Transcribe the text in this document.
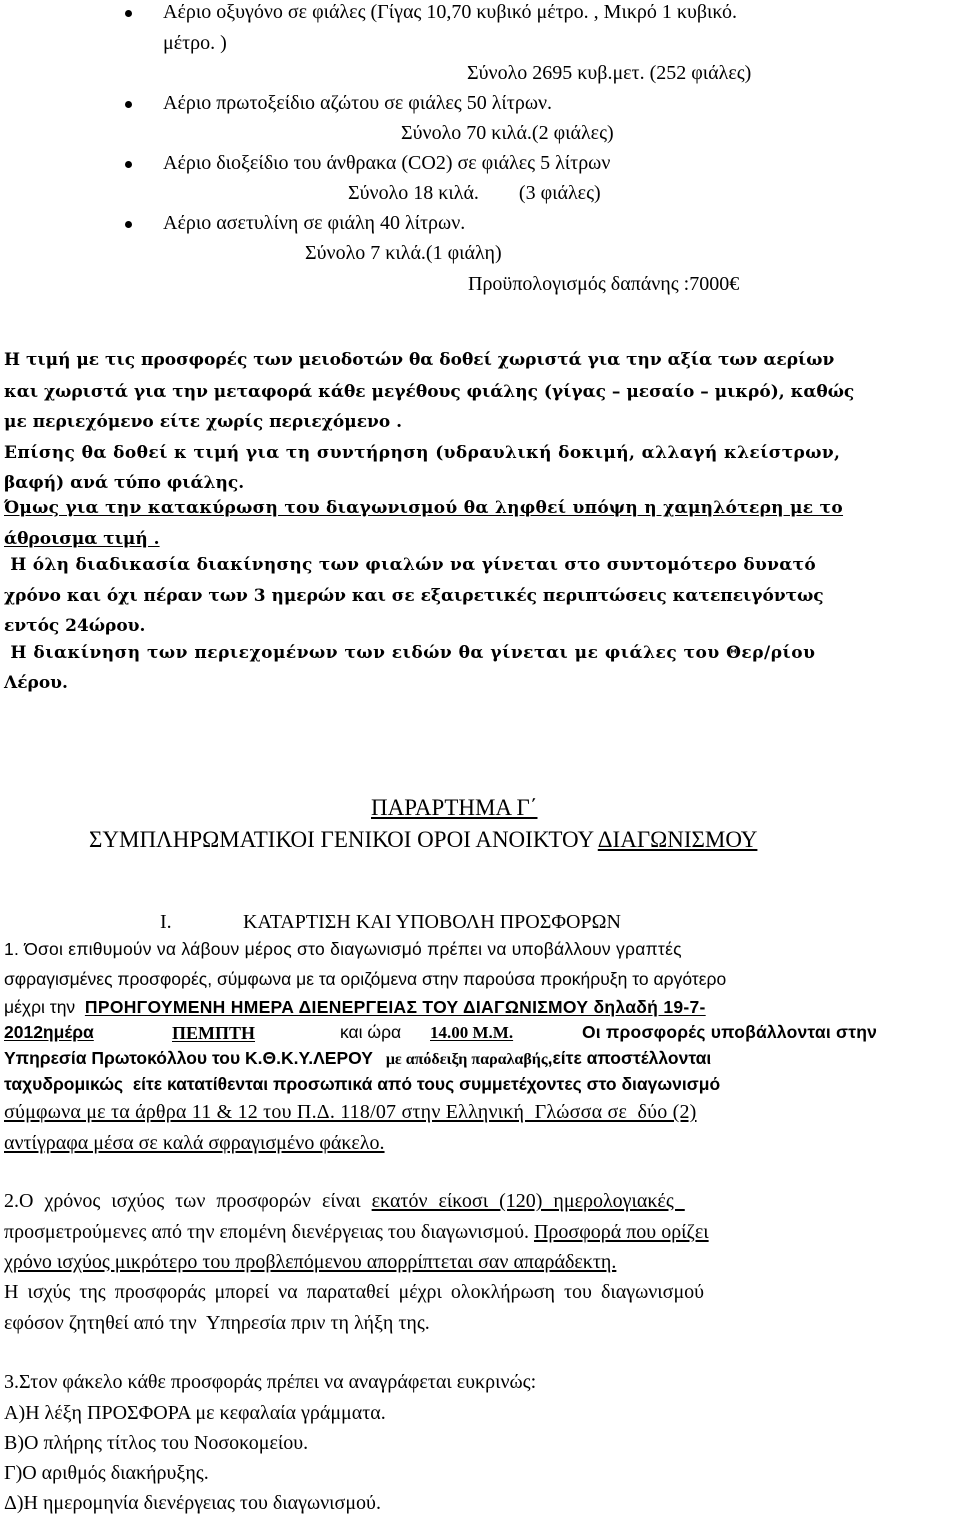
Αέριο οξυγόνο σε φιάλες (Γίγας 10,70 κυβικό μέτρο. , Μικρό 1 κυβικό.
μέτρο. )
Σύνολο 2695 κυβ.μετ. (252 φιάλες)
Αέριο πρωτοξείδιο αζώτου σε φιάλες 50 λίτρων.
Σύνολο 70 κιλά.(2 φιάλες)
Αέριο διοξείδιο του άνθρακα (CO2) σε φιάλες 5 λίτρων
Σύνολο 18 κιλά.        (3 φιάλες)
Αέριο ασετυλίνη σε φιάλη 40 λίτρων.
Σύνολο 7 κιλά.(1 φιάλη)
Προϋπολογισμός δαπάνης :7000€
Η τιμή με τις προσφορές των μειοδοτών θα δοθεί χωριστά για την αξία των αερίων
και χωριστά για την μεταφορά κάθε μεγέθους φιάλης (γίγας – μεσαίο – μικρό), καθώς
με περιεχόμενο είτε χωρίς περιεχόμενο .
Επίσης θα δοθεί κ τιμή για τη συντήρηση (υδραυλική δοκιμή, αλλαγή κλείστρων,
βαφή) ανά τύπο φιάλης.
Όμως για την κατακύρωση του διαγωνισμού θα ληφθεί υπόψη η χαμηλότερη με το
άθροισμα τιμή .
Η όλη διαδικασία διακίνησης των φιαλών να γίνεται στο συντομότερο δυνατό
χρόνο και όχι πέραν των 3 ημερών και σε εξαιρετικές περιπτώσεις κατεπειγόντως
εντός 24ώρου.
Η διακίνηση των περιεχομένων των ειδών θα γίνεται με φιάλες του Θερ/ρίου
Λέρου.
ΠΑΡΑΡΤΗΜΑ Γ΄
ΣΥΜΠΛΗΡΩΜΑΤΙΚΟΙ ΓΕΝΙΚΟΙ ΟΡΟΙ ΑΝΟΙΚΤΟΥ ΔΙΑΓΩΝΙΣΜΟΥ
Ι.	ΚΑΤΑΡΤΙΣΗ ΚΑΙ ΥΠΟΒΟΛΗ ΠΡΟΣΦΟΡΩΝ
1. Όσοι επιθυμούν να λάβουν μέρος στο διαγωνισμό πρέπει να υποβάλλουν γραπτές
σφραγισμένες προσφορές, σύμφωνα με τα οριζόμενα στην παρούσα προκήρυξη το αργότερο
μέχρι την  ΠΡΟΗΓΟΥΜΕΝΗ ΗΜΕΡΑ ΔΙΕΝΕΡΓΕΙΑΣ ΤΟΥ ΔΙΑΓΩΝΙΣΜΟΥ δηλαδή 19-7-
2012ημέρα	ΠΕΜΠΤΗ	και ώρα 14.00 Μ.Μ.	Οι προσφορές υποβάλλονται στην
Υπηρεσία Πρωτοκόλλου του Κ.Θ.Κ.Υ.ΛΕΡΟΥ με απόδειξη παραλαβής,είτε αποστέλλονται
ταχυδρομικώς  είτε κατατίθενται προσωπικά από τους συμμετέχοντες στο διαγωνισμό
σύμφωνα με τα άρθρα 11 & 12 του Π.Δ. 118/07 στην Ελληνική  Γλώσσα σε  δύο (2)
αντίγραφα μέσα σε καλά σφραγισμένο φάκελο.
2.Ο χρόνος ισχύος των προσφορών είναι εκατόν είκοσι (120) ημερολογιακές
προσμετρούμενες από την επομένη διενέργειας του διαγωνισμού. Προσφορά που ορίζει
χρόνο ισχύος μικρότερο του προβλεπόμενου απορρίπτεται σαν απαράδεκτη.
Η ισχύς της προσφοράς μπορεί να παραταθεί μέχρι ολοκλήρωση του διαγωνισμού
εφόσον ζητηθεί από την  Υπηρεσία πριν τη λήξη της.
3.Στον φάκελο κάθε προσφοράς πρέπει να αναγράφεται ευκρινώς:
Α)Η λέξη ΠΡΟΣΦΟΡΑ με κεφαλαία γράμματα.
Β)Ο πλήρης τίτλος του Νοσοκομείου.
Γ)Ο αριθμός διακήρυξης.
Δ)Η ημερομηνία διενέργειας του διαγωνισμού.
